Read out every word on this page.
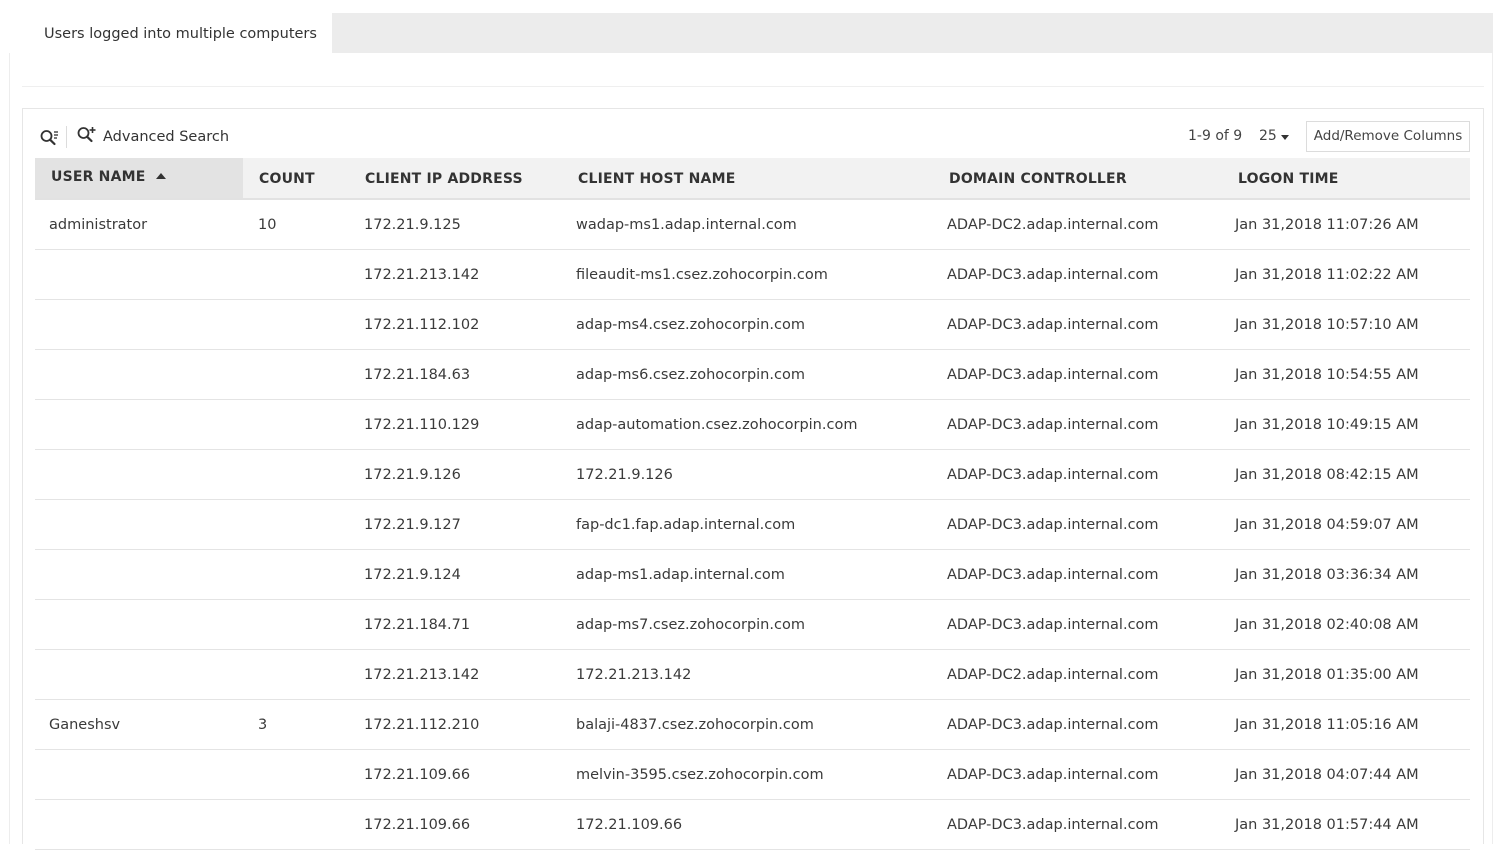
Users logged into multiple computers
Advanced Search	1-9 of 9 25	Add/Remove Columns
USER NAME	COUNT	CLIENT IP ADDRESS	CLIENT HOST NAME	DOMAIN CONTROLLER	LOGON TIME
administrator	10	172.21.9.125	wadap-ms1.adap.internal.com	ADAP-DC2.adap.internal.com	Jan 31,2018 11:07:26 AM
172.21.213.142	fileaudit-ms1.csez.zohocorpin.com	ADAP-DC3.adap.internal.com	Jan 31,2018 11:02:22 AM
172.21.112.102	adap-ms4.csez.zohocorpin.com	ADAP-DC3.adap.internal.com	Jan 31,2018 10:57:10 AM
172.21.184.63	adap-ms6.csez.zohocorpin.com	ADAP-DC3.adap.internal.com	Jan 31,2018 10:54:55 AM
172.21.110.129	adap-automation.csez.zohocorpin.com	ADAP-DC3.adap.internal.com	Jan 31,2018 10:49:15 AM
172.21.9.126	172.21.9.126	ADAP-DC3.adap.internal.com	Jan 31,2018 08:42:15 AM
172.21.9.127	fap-dc1.fap.adap.internal.com	ADAP-DC3.adap.internal.com	Jan 31,2018 04:59:07 AM
172.21.9.124	adap-ms1.adap.internal.com	ADAP-DC3.adap.internal.com	Jan 31,2018 03:36:34 AM
172.21.184.71	adap-ms7.csez.zohocorpin.com	ADAP-DC3.adap.internal.com	Jan 31,2018 02:40:08 AM
172.21.213.142	172.21.213.142	ADAP-DC2.adap.internal.com	Jan 31,2018 01:35:00 AM
Ganeshsv	3	172.21.112.210	balaji-4837.csez.zohocorpin.com	ADAP-DC3.adap.internal.com	Jan 31,2018 11:05:16 AM
172.21.109.66	melvin-3595.csez.zohocorpin.com	ADAP-DC3.adap.internal.com	Jan 31,2018 04:07:44 AM
172.21.109.66	172.21.109.66	ADAP-DC3.adap.internal.com	Jan 31,2018 01:57:44 AM
